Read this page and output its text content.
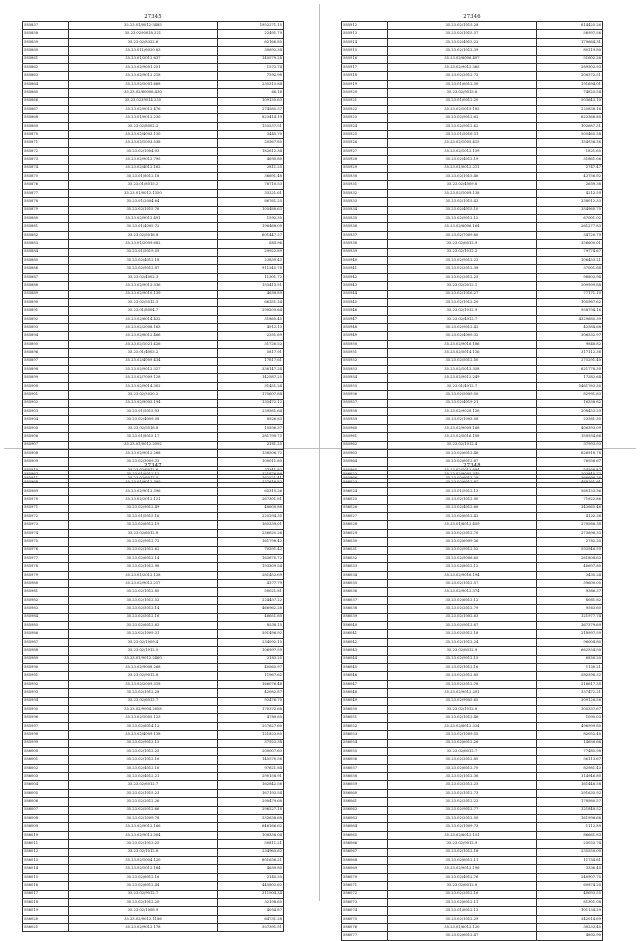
27345
585857	35.23.01/0012-3485	1952271.15
585858	35.23.0290018.221	22491.79
585859	35.23.02/8322.6	62166.85
585860	35.23.011/6020.83	30692.34
585861	35.23.01/2012.637	145579.28
585862	35.23.02/9001.251	1573.74
585863	35.23.02/9012.218	7592.98
585864	35.23.02/5001.668	235315.84
585865	35.23.02/60006.430	66.16
585866	35.23.0239014.235	109135.63
585867	35.23.02/0012.476	274585.37
585868	35.23.01/0012.230	823414.19
585869	35.23.02/8002.2	155537.51
585870	35.23.02/4003.130	3445.70
585871	35.23.02/1003.538	20567.85
585872	35.23.02/1004.03	182612.34
585873	35.23.02/9012.795	4695.80
585874	35.23.02/4012.162	2811.25
585875	35.23.01/8012.18	36691.48
585876	35.23.01/8015.2	78710.53
585877	35.23.01/0012.1350	33221.61
585878	35.23.01/2004.64	86761.25
585879	35.23.02/1015.76	105488.63
585880	35.23.02/9012.491	1592.35
585881	35.23.01/4005.72	196468.09
585882	35.23.02/5016.8	601447.27
585883	35.23.01/2009.682	685.96
585884	35.23.01/5019.59	29922.89
585885	35.23.02/4012.18	23839.43
585886	35.23.02/9012.87	911345.78
585887	35.23.02/4002.3	11301.72
585888	35.23.02/9012.336	153413.51
585889	35.23.02/9010.139	4658.89
585890	35.23.02/5012.3	66351.24
585891	35.23.01/8004.7	290205.64
585892	35.23.02/6014.432	31865.45
585893	35.23.02/2008.163	4912.13
585894	35.23.02/8012.466	2351.69
585895	35.23.02/1021.426	31726.52
585896	35.23.01/4003.2	5817.91
585897	35.23.02/4009.434	17817.61
585898	35.23.02/9012.327	336147.24
585899	35.23.02/7009.128	142587.25
585900	35.23.02/9014.302	31451.24
585901	35.23.02/5020.2	175607.84
585902	35.23.02/9005.194	135472.12
585903	35.23.01/5015.93	239561.64
585904	35.23.02/4009.58	8926.83
585905	35.23.02/5016.8	10596.37
585906	35.23.01/8015.17	281790.73
585907	35.23.01/0012.2092	2181.25
585908	35.23.02/9012.268	138506.72
585909	35.23.02/3009.33	100011.80
585910	35.23.02/6012.6	37541.82
585911	35.23.02/6017.5	162521.41
27346
585912	35.23.02/1015.28	614425.26
585913	35.23.02/1015.37	56997.56
585914	35.23.02/4015.22	179664.31
585915	35.23.02/1012.39	80119.80
585916	35.23.02/6006.407	51602.26
585917	35.23.02/9012.365	289502.93
585918	35.23.02/2012.72	200572.51
585919	35.23.01/6012.30	191694.01
585920	35.23.02/9015.6	74825.54
585921	35.23.01/0012.20	503643.10
585922	35.23.02/1015.182	225838.16
585923	35.23.02/9012.62	622366.80
585924	35.23.02/9012.62	102687.31
585925	35.23.01/5016.31	505465.38
585926	35.23.02/1005.415	154936.36
585927	35.23.02/1012.139	1821.65
585928	35.23.02/4012.19	31861.06
585929	35.23.01/0012.211	2747.47
585930	35.23.02/1015.46	43756.92
585931	35.23.02/4009.8	2659.38
585932	35.23.02/1009.138	4212.59
585933	35.23.02/1015.43	338012.33
585934	35.23.02/4015.10	354960.70
585935	35.23.02/9012.12	67001.02
585936	35.23.02/6006.164	261277.83
585937	35.23.02/7009.80	34720.79
585938	35.23.02/6012.9	356600.01
585939	35.23.02/1012.2	79774.67
585940	35.23.02/9012.22	106453.21
585941	35.23.02/2012.38	37001.68
585942	35.23.02/2012.25	98802.94
585943	35.23.02/2012.1	209999.88
585944	35.23.02/1016.27	77171.10
585945	35.23.02/1012.20	105967.62
585946	35.23.02/1012.9	958794.16
585947	35.23.02/4012.7	4329685.39
585948	35.23.02/9012.42	42584.68
585949	35.23.02/4009.32	306532.97
585950	35.23.02/9016.186	9848.82
585951	35.23.02/5014.126	317112.36
585952	35.23.02/5012.50	275291.40
585953	35.23.02/1012.358	621778.30
585954	35.23.02/9012.249	17282.64
585955	35.23.01/4012.7	5461763.30
585956	35.23.02/5009.50	82991.83
585957	35.23.02/4019.21	16336.62
585958	35.23.02/9020.128	208453.29
585959	35.23.02/1003.58	23581.30
585960	35.23.02/9009.168	406393.09
585961	35.23.02/5016.108	150934.66
585962	35.23.02/1012.4	37993.93
585963	35.23.02/6012.46	626918.78
585964	35.23.02/6012.67	76936.67
585965	35.23.02/1012.684	54568.87
585966	35.23.02/6012.29	366696.26
27347
585967	35.23.01/6012.12	321876.86
585968	35.23.01/9012.300	337616.82
585969	35.23.02/9012.396	65315.26
585970	35.23.02/2012.121	267301.81
585971	35.23.02/9012.49	46600.86
585972	35.23.01/5015.16	225294.35
585973	35.23.02/6012.19	165339.01
585974	35.23.02/6012.8	236625.26
585975	35.23.02/9012.72	161798.42
585976	35.23.02/1012.62	70391.42
585977	35.23.02/6012.14	163670.72
585978	35.23.02/1012.98	193309.54
585979	35.23.01/2012.128	281452.69
585980	35.23.02/9012.217	4377.79
585981	35.23.02/1012.85	50021.81
585982	35.23.02/1012.52	224457.22
585983	35.23.02/5012.14	466962.28
585984	35.23.02/5012.16	46651.80
585985	35.23.02/6012.63	8538.15
585986	35.23.02/1009.31	391496.92
585987	35.23.02/1009.4	234092.15
585988	35.23.02/1012.5	106997.59
585989	35.23.01/9012.2460	2183.25
585990	35.23.02/9008.268	40565.97
585991	35.23.02/9012.8	11967.62
585992	35.23.02/2009.318	166076.46
585993	35.23.02/1012.28	42082.87
585994	35.23.02/6012.7	92476.70
585995	35.23.02/9004.2858	170372.68
585996	35.23.02/1005.123	4780.65
585997	35.23.02/6014.12	257627.60
585998	35.23.02/4009.138	121823.85
585999	35.23.02/9012.15	37923.38
586000	35.23.02/1012.25	200007.63
586001	35.23.02/1012.16	145570.56
586002	35.23.02/4012.16	97621.84
586003	35.23.02/4012.21	290158.91
586004	35.23.02/6012.7	162842.56
586005	35.23.02/1015.23	167193.54
586006	35.23.02/2012.26	290479.68
586007	35.23.02/5012.66	296527.18
586008	35.23.02/1009.78	332638.68
586009	35.23.02/9012.166	646166.62
586010	35.23.02/9012.304	100338.04
586011	35.23.02/1012.25	50811.21
586012	35.23.02/1012.8	234965.62
586013	35.23.02/1004.120	801636.21
586014	35.23.02/1012.164	4659.80
586015	35.23.02/6012.16	2145.35
586016	35.23.02/6012.44	445802.62
586017	35.23.02/9012.7	311904.34
586018	35.23.02/1012.20	32198.65
586019	35.23.02/1008.9	4054.87
586020	35.23.02/9012.1186	64731.28
586021	35.23.02/9012.178	357391.51
27348
586022	35.23.02/9005.345	203645.72
586023	35.23.02/6012.87	488261.91
586024	35.23.01/5012.13	560133.36
586025	35.23.02/1012.90	71822.86
586026	35.23.02/4012.66	343665.46
586027	35.23.02/6012.42	4122.26
586028	35.23.01/6012.459	279566.38
586029	35.23.02/2012.70	273696.33
586030	35.23.02/6009.36	2782.20
586031	35.23.02/9012.52	593946.59
586032	35.23.02/9006.65	261808.63
586033	35.23.02/8012.12	40697.80
586034	35.23.02/9016.194	3435.24
586035	35.23.02/1012.57	39600.05
586036	35.23.02/9012.374	9366.37
586037	35.23.02/6012.12	8061.82
586038	35.23.02/2012.79	9563.60
586039	35.23.02/1002.63	121977.74
586040	35.23.02/9012.67	367379.69
586041	35.23.02/5012.18	218997.59
586042	35.23.02/1012.24	96004.80
586043	35.23.02/6012.9	662554.50
586044	35.23.02/9012.15	6850.20
586045	35.23.02/1012.16	1130.21
586046	35.23.02/2012.85	582596.32
586047	35.23.02/2012.78	316617.35
586048	35.23.02/9012.201	337472.21
586049	35.23.02/9005.65	309126.56
586050	35.23.02/1012.8	305337.67
586051	35.23.02/1012.46	1095.03
586052	35.23.02/6012.324	496999.80
586053	35.23.02/1009.55	82052.45
586054	35.23.02/6012.26	14656.66
586055	35.23.02/6012.7	77485.98
586056	35.23.02/2012.85	56113.67
586057	35.23.02/6012.70	82981.43
586058	35.23.02/1012.36	114946.80
586059	35.23.02/2012.25	161446.58
586060	35.23.02/1012.73	291635.92
586061	35.23.02/2012.22	178980.57
586062	35.23.02/9012.77	321848.52
586063	35.23.02/2012.50	161996.66
586064	35.23.02/1009.73	1112.89
586065	35.23.02/6012.151	86661.83
586066	35.23.02/9012.9	25033.74
586067	35.23.02/1012.18	235550.00
586068	35.23.02/6012.11	11734.61
586069	35.23.02/9012.196	3336.45
586070	35.23.02/4012.76	240907.75
586071	35.23.02/6012.8	60874.20
586072	35.23.02/2012.16	40693.55
586073	35.23.02/6012.11	81301.08
586074	35.23.01/6012.13	101134.29
586075	35.23.02/1012.29	342014.69
586076	35.23.01/6012.120	30233.45
586077	35.23.02/6012.47	4802.90
